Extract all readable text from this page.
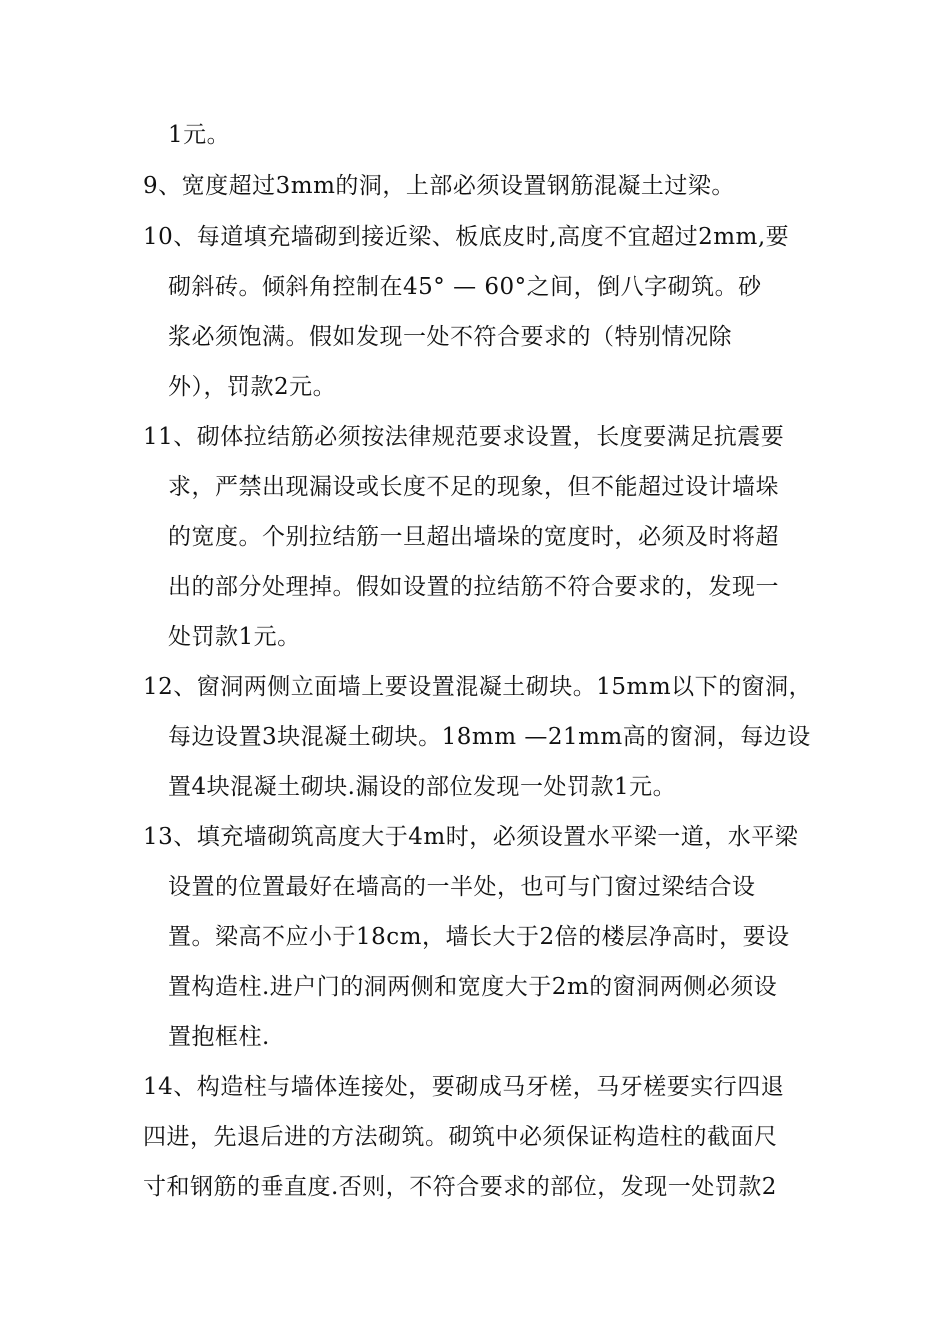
1元。
9、宽度超过3mm的洞，上部必须设置钢筋混凝土过梁。
10、每道填充墙砌到接近梁、板底皮时,高度不宜超过2mm,要
砌斜砖。倾斜角控制在45° — 60°之间，倒八字砌筑。砂
浆必须饱满。假如发现一处不符合要求的（特别情况除
外），罚款2元。
11、砌体拉结筋必须按法律规范要求设置，长度要满足抗震要
求，严禁出现漏设或长度不足的现象，但不能超过设计墙垛
的宽度。个别拉结筋一旦超出墙垛的宽度时，必须及时将超
出的部分处理掉。假如设置的拉结筋不符合要求的，发现一
处罚款1元。
12、窗洞两侧立面墙上要设置混凝土砌块。15mm以下的窗洞，
每边设置3块混凝土砌块。18mm —21mm高的窗洞，每边设
置4块混凝土砌块.漏设的部位发现一处罚款1元。
13、填充墙砌筑高度大于4m时，必须设置水平梁一道，水平梁
设置的位置最好在墙高的一半处，也可与门窗过梁结合设
置。梁高不应小于18cm，墙长大于2倍的楼层净高时，要设
置构造柱.进户门的洞两侧和宽度大于2m的窗洞两侧必须设
置抱框柱.
14、构造柱与墙体连接处，要砌成马牙槎，马牙槎要实行四退
四进，先退后进的方法砌筑。砌筑中必须保证构造柱的截面尺
寸和钢筋的垂直度.否则，不符合要求的部位，发现一处罚款2
